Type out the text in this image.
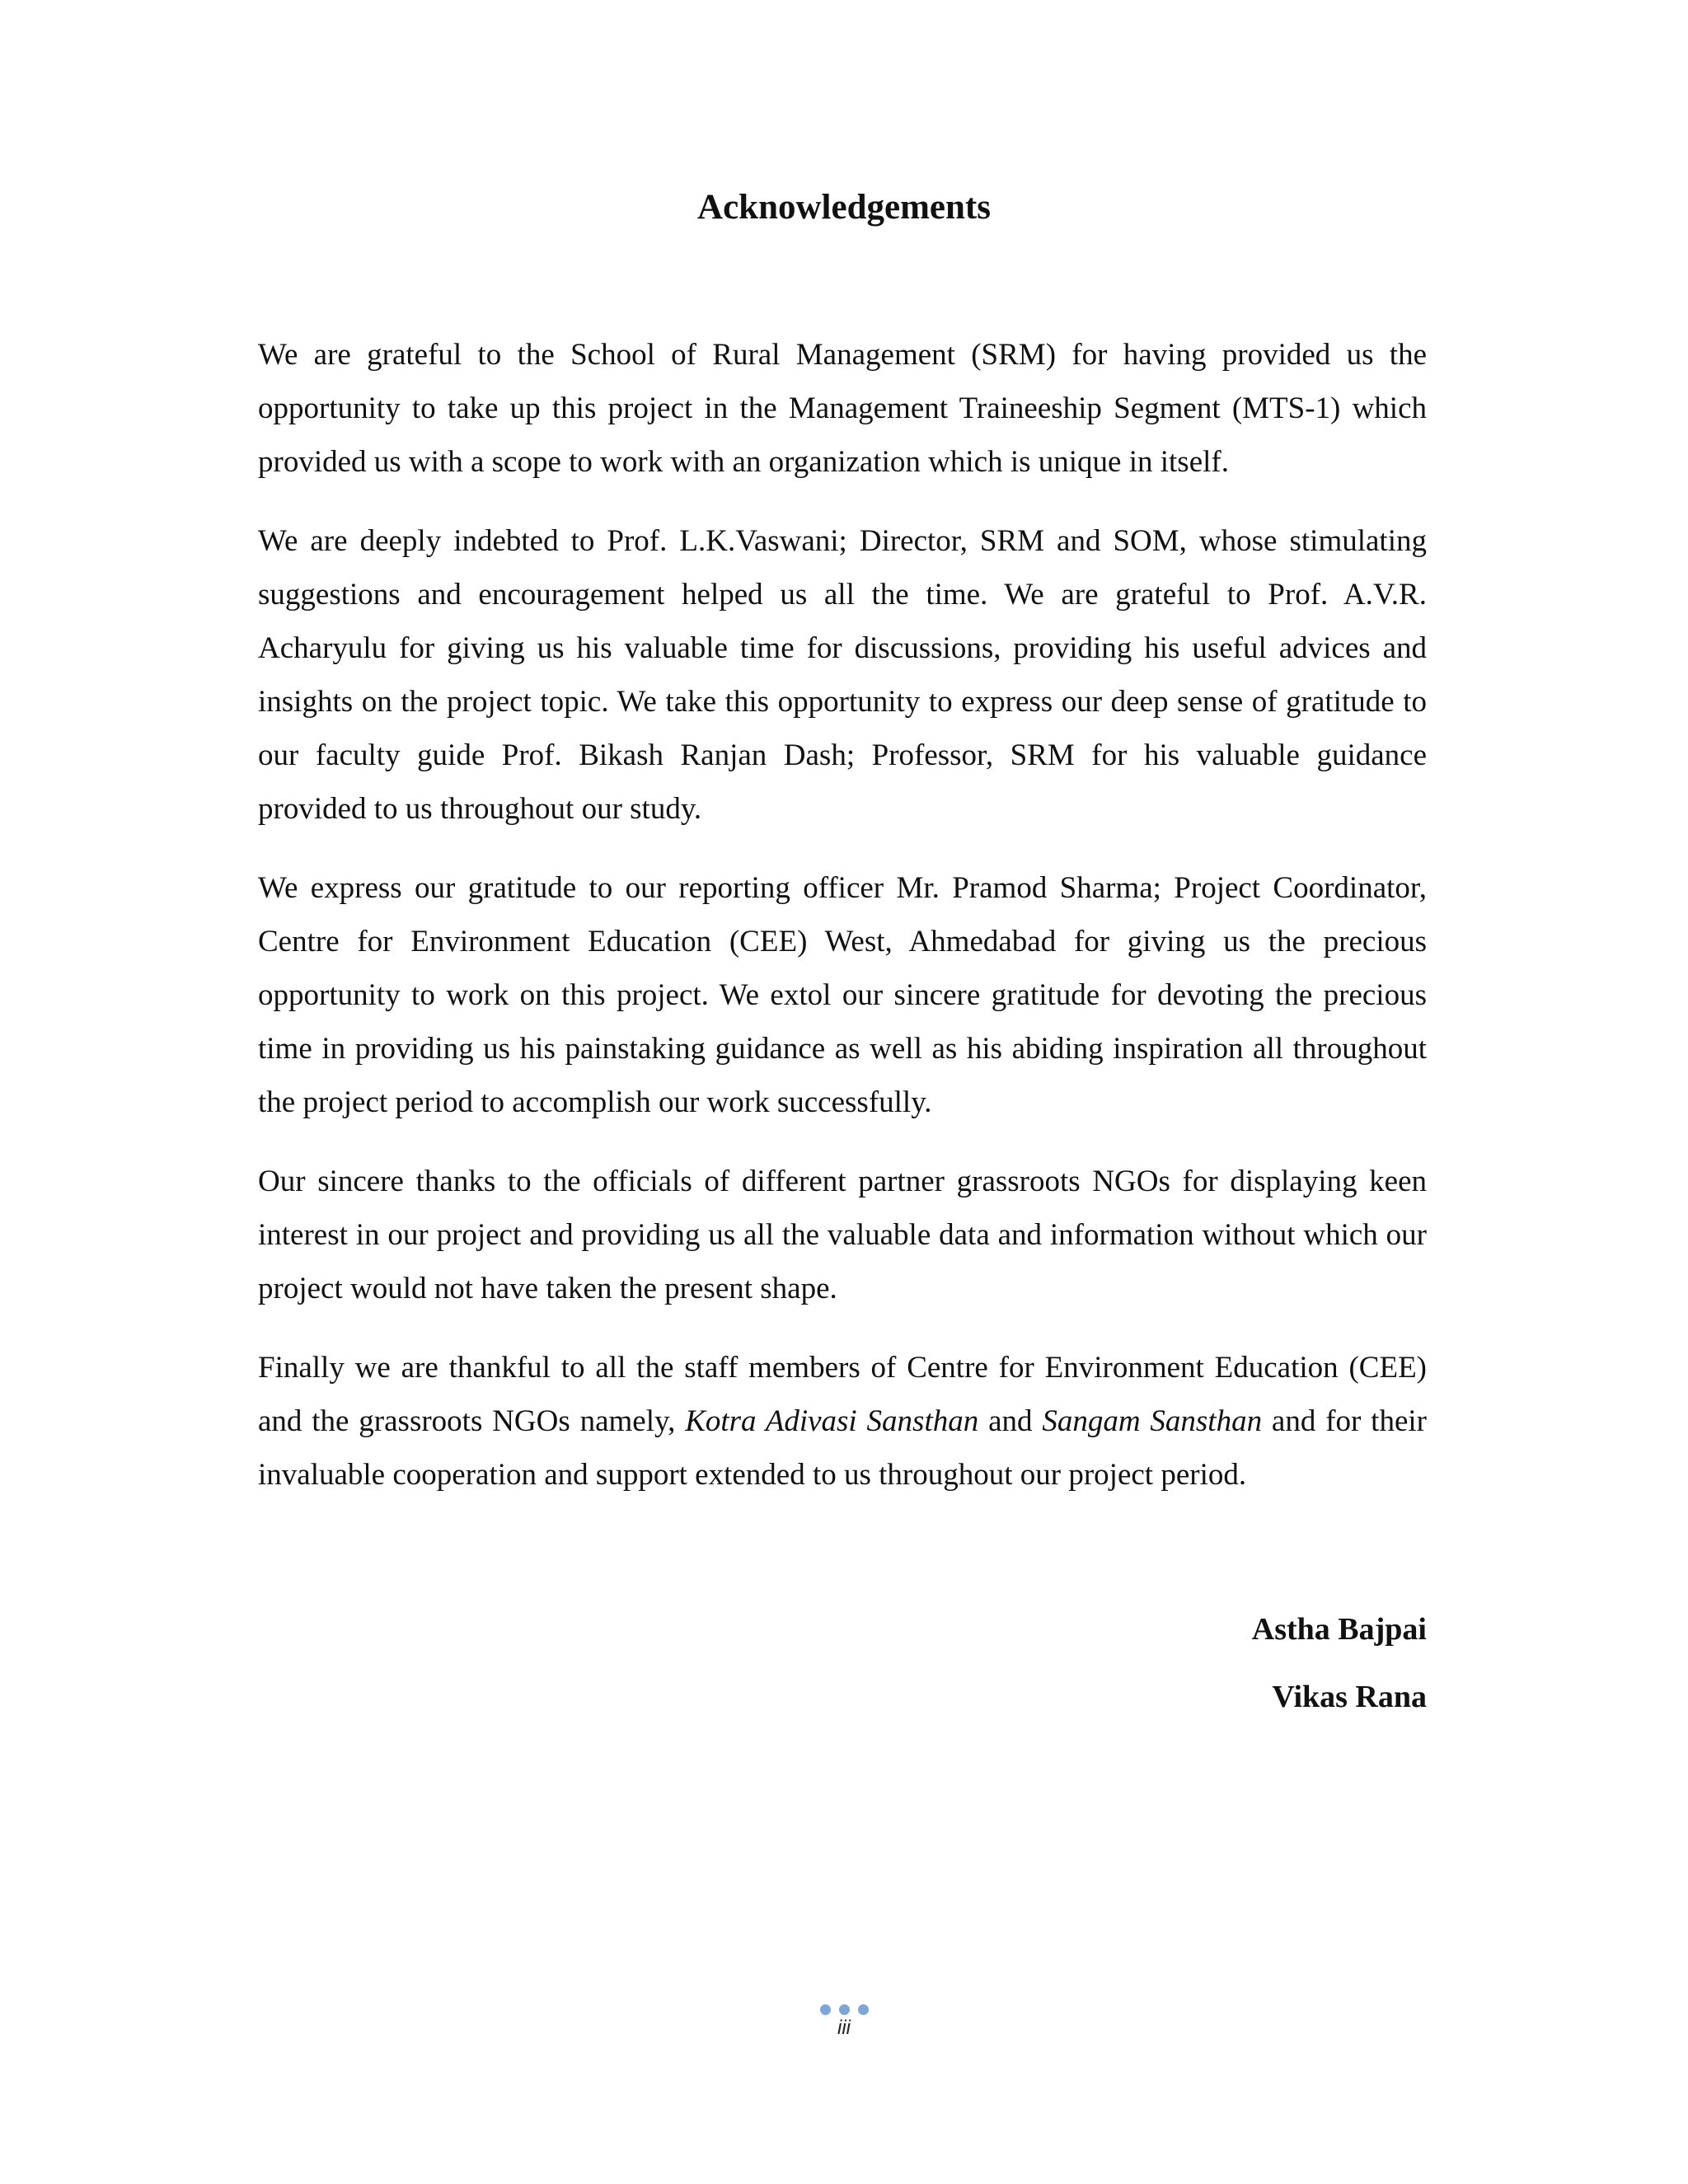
Acknowledgements

We are grateful to the School of Rural Management (SRM) for having provided us the opportunity to take up this project in the Management Traineeship Segment (MTS-1) which provided us with a scope to work with an organization which is unique in itself.

We are deeply indebted to Prof. L.K.Vaswani; Director, SRM and SOM, whose stimulating suggestions and encouragement helped us all the time. We are grateful to Prof. A.V.R. Acharyulu for giving us his valuable time for discussions, providing his useful advices and insights on the project topic. We take this opportunity to express our deep sense of gratitude to our faculty guide Prof. Bikash Ranjan Dash; Professor, SRM for his valuable guidance provided to us throughout our study.

We express our gratitude to our reporting officer Mr. Pramod Sharma; Project Coordinator, Centre for Environment Education (CEE) West, Ahmedabad for giving us the precious opportunity to work on this project. We extol our sincere gratitude for devoting the precious time in providing us his painstaking guidance as well as his abiding inspiration all throughout the project period to accomplish our work successfully.

Our sincere thanks to the officials of different partner grassroots NGOs for displaying keen interest in our project and providing us all the valuable data and information without which our project would not have taken the present shape.

Finally we are thankful to all the staff members of Centre for Environment Education (CEE) and the grassroots NGOs namely, Kotra Adivasi Sansthan and Sangam Sansthan and for their invaluable cooperation and support extended to us throughout our project period.

Astha Bajpai
Vikas Rana
iii
